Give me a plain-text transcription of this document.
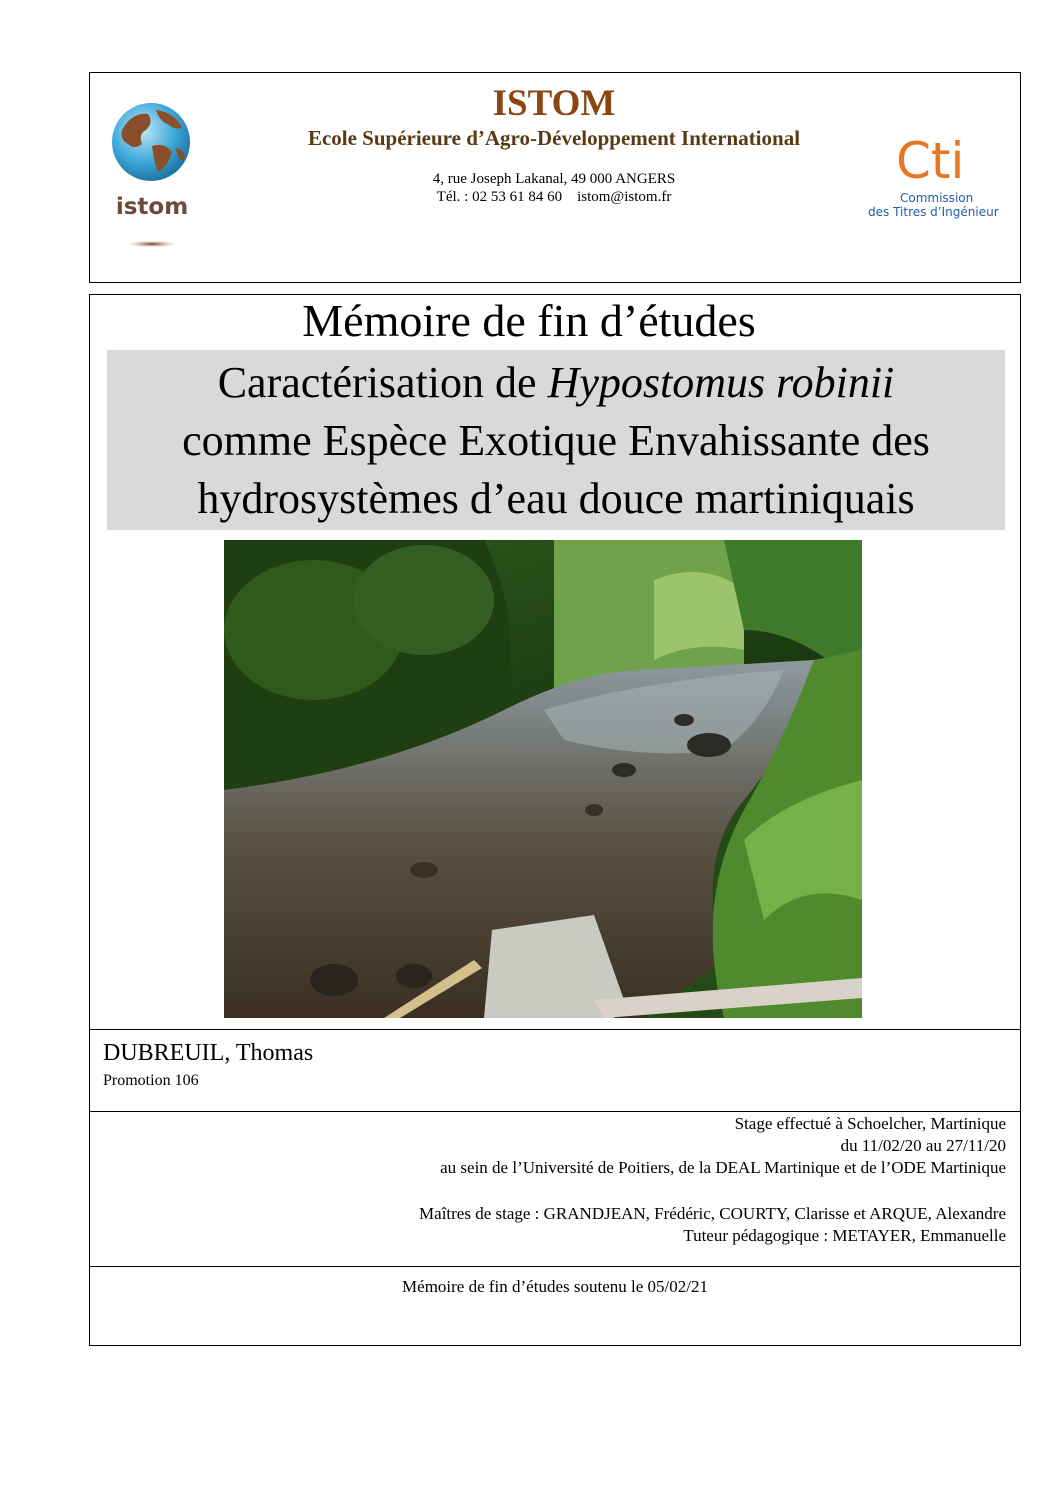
istom
ISTOM
Ecole Supérieure d’Agro-Développement International
4, rue Joseph Lakanal, 49 000 ANGERS
Tél. : 02 53 61 84 60    istom@istom.fr
Cti
Commission
des Titres d’Ingénieur
Mémoire de fin d’études
Caractérisation de Hypostomus robinii
comme Espèce Exotique Envahissante des
hydrosystèmes d’eau douce martiniquais
DUBREUIL, Thomas
Promotion 106
Stage effectué à Schoelcher, Martinique
du 11/02/20 au 27/11/20
au sein de l’Université de Poitiers, de la DEAL Martinique et de l’ODE Martinique
Maîtres de stage : GRANDJEAN, Frédéric, COURTY, Clarisse et ARQUE, Alexandre
Tuteur pédagogique : METAYER, Emmanuelle
Mémoire de fin d’études soutenu le 05/02/21
